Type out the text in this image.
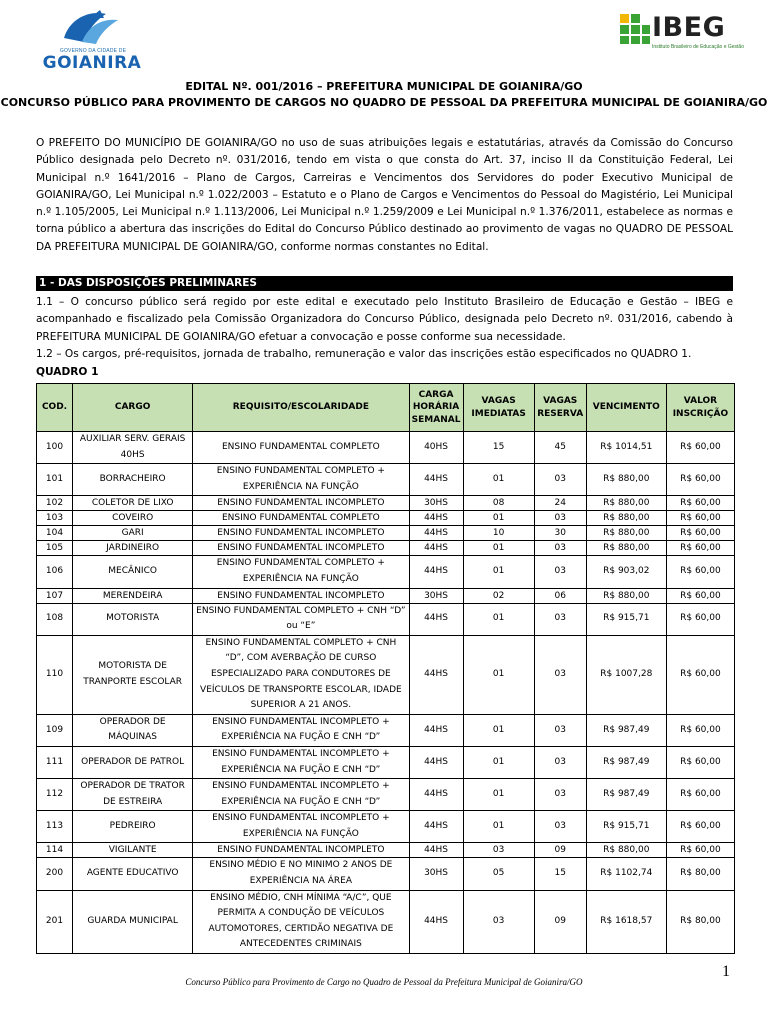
GOVERNO DA CIDADE DE
GOIANIRA
IBEG
Instituto Brasileiro de Educação e Gestão
EDITAL Nº. 001/2016 – PREFEITURA MUNICIPAL DE GOIANIRA/GO
CONCURSO PÚBLICO PARA PROVIMENTO DE CARGOS NO QUADRO DE PESSOAL DA PREFEITURA MUNICIPAL DE GOIANIRA/GO
O PREFEITO DO MUNICÍPIO DE GOIANIRA/GO no uso de suas atribuições legais e estatutárias, através da Comissão do Concurso Público designada pelo Decreto nº. 031/2016, tendo em vista o que consta do Art. 37, inciso II da Constituição Federal, Lei Municipal n.º 1641/2016 – Plano de Cargos, Carreiras e Vencimentos dos Servidores do poder Executivo Municipal de GOIANIRA/GO, Lei Municipal n.º 1.022/2003 – Estatuto e o Plano de Cargos e Vencimentos do Pessoal do Magistério, Lei Municipal n.º 1.105/2005, Lei Municipal n.º 1.113/2006, Lei Municipal n.º 1.259/2009 e Lei Municipal n.º 1.376/2011, estabelece as normas e torna público a abertura das inscrições do Edital do Concurso Público destinado ao provimento de vagas no QUADRO DE PESSOAL DA PREFEITURA MUNICIPAL DE GOIANIRA/GO, conforme normas constantes no Edital.
1 - DAS DISPOSIÇÕES PRELIMINARES
1.1 – O concurso público será regido por este edital e executado pelo Instituto Brasileiro de Educação e Gestão – IBEG e acompanhado e fiscalizado pela Comissão Organizadora do Concurso Público, designada pelo Decreto nº. 031/2016, cabendo à PREFEITURA MUNICIPAL DE GOIANIRA/GO efetuar a convocação e posse conforme sua necessidade.
1.2 – Os cargos, pré-requisitos, jornada de trabalho, remuneração e valor das inscrições estão especificados no QUADRO 1.
QUADRO 1
COD.	CARGO	REQUISITO/ESCOLARIDADE	CARGA HORÁRIA SEMANAL	VAGAS IMEDIATAS	VAGAS RESERVA	VENCIMENTO	VALOR INSCRIÇÃO
100	AUXILIAR SERV. GERAIS 40HS	ENSINO FUNDAMENTAL COMPLETO	40HS	15	45	R$ 1014,51	R$ 60,00
101	BORRACHEIRO	ENSINO FUNDAMENTAL COMPLETO + EXPERIÊNCIA NA FUNÇÃO	44HS	01	03	R$ 880,00	R$ 60,00
102	COLETOR DE LIXO	ENSINO FUNDAMENTAL INCOMPLETO	30HS	08	24	R$ 880,00	R$ 60,00
103	COVEIRO	ENSINO FUNDAMENTAL COMPLETO	44HS	01	03	R$ 880,00	R$ 60,00
104	GARI	ENSINO FUNDAMENTAL INCOMPLETO	44HS	10	30	R$ 880,00	R$ 60,00
105	JARDINEIRO	ENSINO FUNDAMENTAL INCOMPLETO	44HS	01	03	R$ 880,00	R$ 60,00
106	MECÂNICO	ENSINO FUNDAMENTAL COMPLETO + EXPERIÊNCIA NA FUNÇÃO	44HS	01	03	R$ 903,02	R$ 60,00
107	MERENDEIRA	ENSINO FUNDAMENTAL INCOMPLETO	30HS	02	06	R$ 880,00	R$ 60,00
108	MOTORISTA	ENSINO FUNDAMENTAL COMPLETO + CNH “D” ou “E”	44HS	01	03	R$ 915,71	R$ 60,00
110	MOTORISTA DE TRANPORTE ESCOLAR	ENSINO FUNDAMENTAL COMPLETO + CNH “D”, COM AVERBAÇÃO DE CURSO ESPECIALIZADO PARA CONDUTORES DE VEÍCULOS DE TRANSPORTE ESCOLAR, IDADE SUPERIOR A 21 ANOS.	44HS	01	03	R$ 1007,28	R$ 60,00
109	OPERADOR DE MÁQUINAS	ENSINO FUNDAMENTAL INCOMPLETO + EXPERIÊNCIA NA FUÇÃO E CNH “D”	44HS	01	03	R$ 987,49	R$ 60,00
111	OPERADOR DE PATROL	ENSINO FUNDAMENTAL INCOMPLETO + EXPERIÊNCIA NA FUÇÃO E CNH “D”	44HS	01	03	R$ 987,49	R$ 60,00
112	OPERADOR DE TRATOR DE ESTREIRA	ENSINO FUNDAMENTAL INCOMPLETO + EXPERIÊNCIA NA FUÇÃO E CNH “D”	44HS	01	03	R$ 987,49	R$ 60,00
113	PEDREIRO	ENSINO FUNDAMENTAL INCOMPLETO + EXPERIÊNCIA NA FUNÇÃO	44HS	01	03	R$ 915,71	R$ 60,00
114	VIGILANTE	ENSINO FUNDAMENTAL INCOMPLETO	44HS	03	09	R$ 880,00	R$ 60,00
200	AGENTE EDUCATIVO	ENSINO MÉDIO E NO MINIMO 2 ANOS DE EXPERIÊNCIA NA ÁREA	30HS	05	15	R$ 1102,74	R$ 80,00
201	GUARDA MUNICIPAL	ENSINO MÉDIO, CNH MÍNIMA “A/C”, QUE PERMITA A CONDUÇÃO DE VEÍCULOS AUTOMOTORES, CERTIDÃO NEGATIVA DE ANTECEDENTES CRIMINAIS	44HS	03	09	R$ 1618,57	R$ 80,00
1
Concurso Público para Provimento de Cargo no Quadro de Pessoal da Prefeitura Municipal de Goianira/GO
